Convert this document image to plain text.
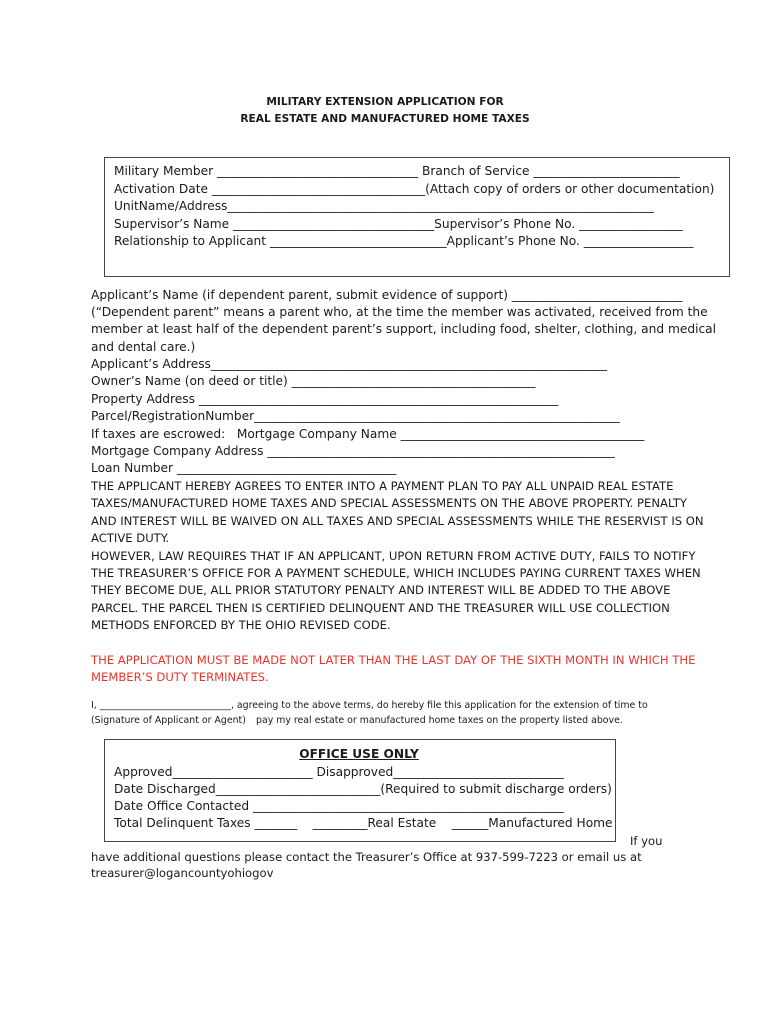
MILITARY EXTENSION APPLICATION FOR
REAL ESTATE AND MANUFACTURED HOME TAXES
Military Member _________________________________ Branch of Service ________________________
Activation Date ___________________________________(Attach copy of orders or other documentation)
UnitName/Address______________________________________________________________________
Supervisor’s Name _________________________________Supervisor’s Phone No. _________________
Relationship to Applicant _____________________________Applicant’s Phone No. __________________
Applicant’s Name (if dependent parent, submit evidence of support) ____________________________
(“Dependent parent” means a parent who, at the time the member was activated, received from the
member at least half of the dependent parent’s support, including food, shelter, clothing, and medical
and dental care.)
Applicant’s Address_________________________________________________________________
Owner’s Name (on deed or title) ________________________________________
Property Address ___________________________________________________________
Parcel/RegistrationNumber____________________________________________________________
If taxes are escrowed:   Mortgage Company Name ________________________________________
Mortgage Company Address _________________________________________________________
Loan Number ____________________________________
THE APPLICANT HEREBY AGREES TO ENTER INTO A PAYMENT PLAN TO PAY ALL UNPAID REAL ESTATE
TAXES/MANUFACTURED HOME TAXES AND SPECIAL ASSESSMENTS ON THE ABOVE PROPERTY. PENALTY
AND INTEREST WILL BE WAIVED ON ALL TAXES AND SPECIAL ASSESSMENTS WHILE THE RESERVIST IS ON
ACTIVE DUTY.
HOWEVER, LAW REQUIRES THAT IF AN APPLICANT, UPON RETURN FROM ACTIVE DUTY, FAILS TO NOTIFY
THE TREASURER’S OFFICE FOR A PAYMENT SCHEDULE, WHICH INCLUDES PAYING CURRENT TAXES WHEN
THEY BECOME DUE, ALL PRIOR STATUTORY PENALTY AND INTEREST WILL BE ADDED TO THE ABOVE
PARCEL. THE PARCEL THEN IS CERTIFIED DELINQUENT AND THE TREASURER WILL USE COLLECTION
METHODS ENFORCED BY THE OHIO REVISED CODE.
THE APPLICATION MUST BE MADE NOT LATER THAN THE LAST DAY OF THE SIXTH MONTH IN WHICH THE
MEMBER’S DUTY TERMINATES.
I, ____________________________, agreeing to the above terms, do hereby file this application for the extension of time to
(Signature of Applicant or Agent) pay my real estate or manufactured home taxes on the property listed above.
OFFICE USE ONLY
Approved_______________________ Disapproved____________________________
Date Discharged___________________________(Required to submit discharge orders)
Date Office Contacted ___________________________________________________
Total Delinquent Taxes _______    _________Real Estate    ______Manufactured Home
If you
have additional questions please contact the Treasurer’s Office at 937-599-7223 or email us at
treasurer@logancountyohiogov
